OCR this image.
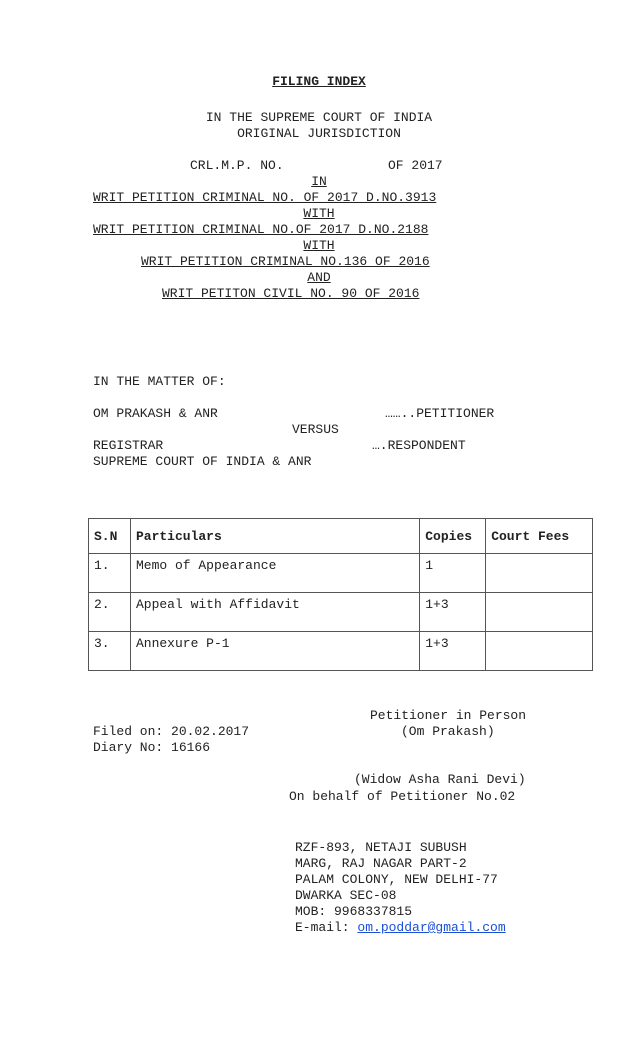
FILING INDEX
IN THE SUPREME COURT OF INDIA
ORIGINAL JURISDICTION
CRL.M.P. NO.	OF 2017
IN
WRIT PETITION CRIMINAL NO. OF 2017 D.NO.3913
WITH
WRIT PETITION CRIMINAL NO.OF 2017 D.NO.2188
WITH
WRIT PETITION CRIMINAL NO.136 OF 2016
AND
WRIT PETITON CIVIL NO. 90 OF 2016
IN THE MATTER OF:
OM PRAKASH & ANR	……..PETITIONER
VERSUS
REGISTRAR	….RESPONDENT
SUPREME COURT OF INDIA & ANR
S.N	Particulars	Copies	Court Fees
1.	Memo of Appearance	1	
2.	Appeal with Affidavit	1+3	
3.	Annexure P-1	1+3	
Petitioner in Person
Filed on: 20.02.2017	(Om Prakash)
Diary No: 16166
(Widow Asha Rani Devi)
On behalf of Petitioner No.02
RZF-893, NETAJI SUBUSH
MARG, RAJ NAGAR PART-2
PALAM COLONY, NEW DELHI-77
DWARKA SEC-08
MOB: 9968337815
E-mail: om.poddar@gmail.com
